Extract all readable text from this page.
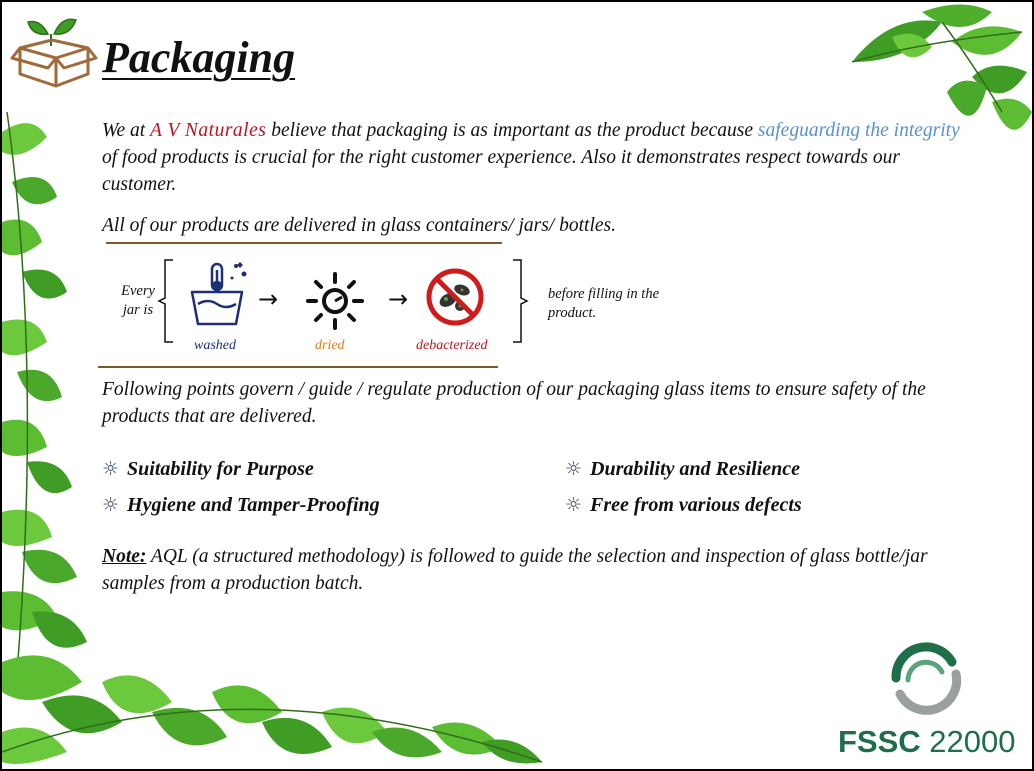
Packaging
We at A V Naturales believe that packaging is as important as the product because safeguarding the integrity of food products is crucial for the right customer experience. Also it demonstrates respect towards our customer.
All of our products are delivered in glass containers/ jars/ bottles.
Every jar is	→	→
washed	dried	debacterized
before filling in the product.
Following points govern / guide / regulate production of our packaging glass items to ensure safety of the products that are delivered.
☼ Suitability for Purpose	☼ Durability and Resilience
☼ Hygiene and Tamper-Proofing	☼ Free from various defects
Note: AQL (a structured methodology) is followed to guide the selection and inspection of glass bottle/jar samples from a production batch.
FSSC 22000
